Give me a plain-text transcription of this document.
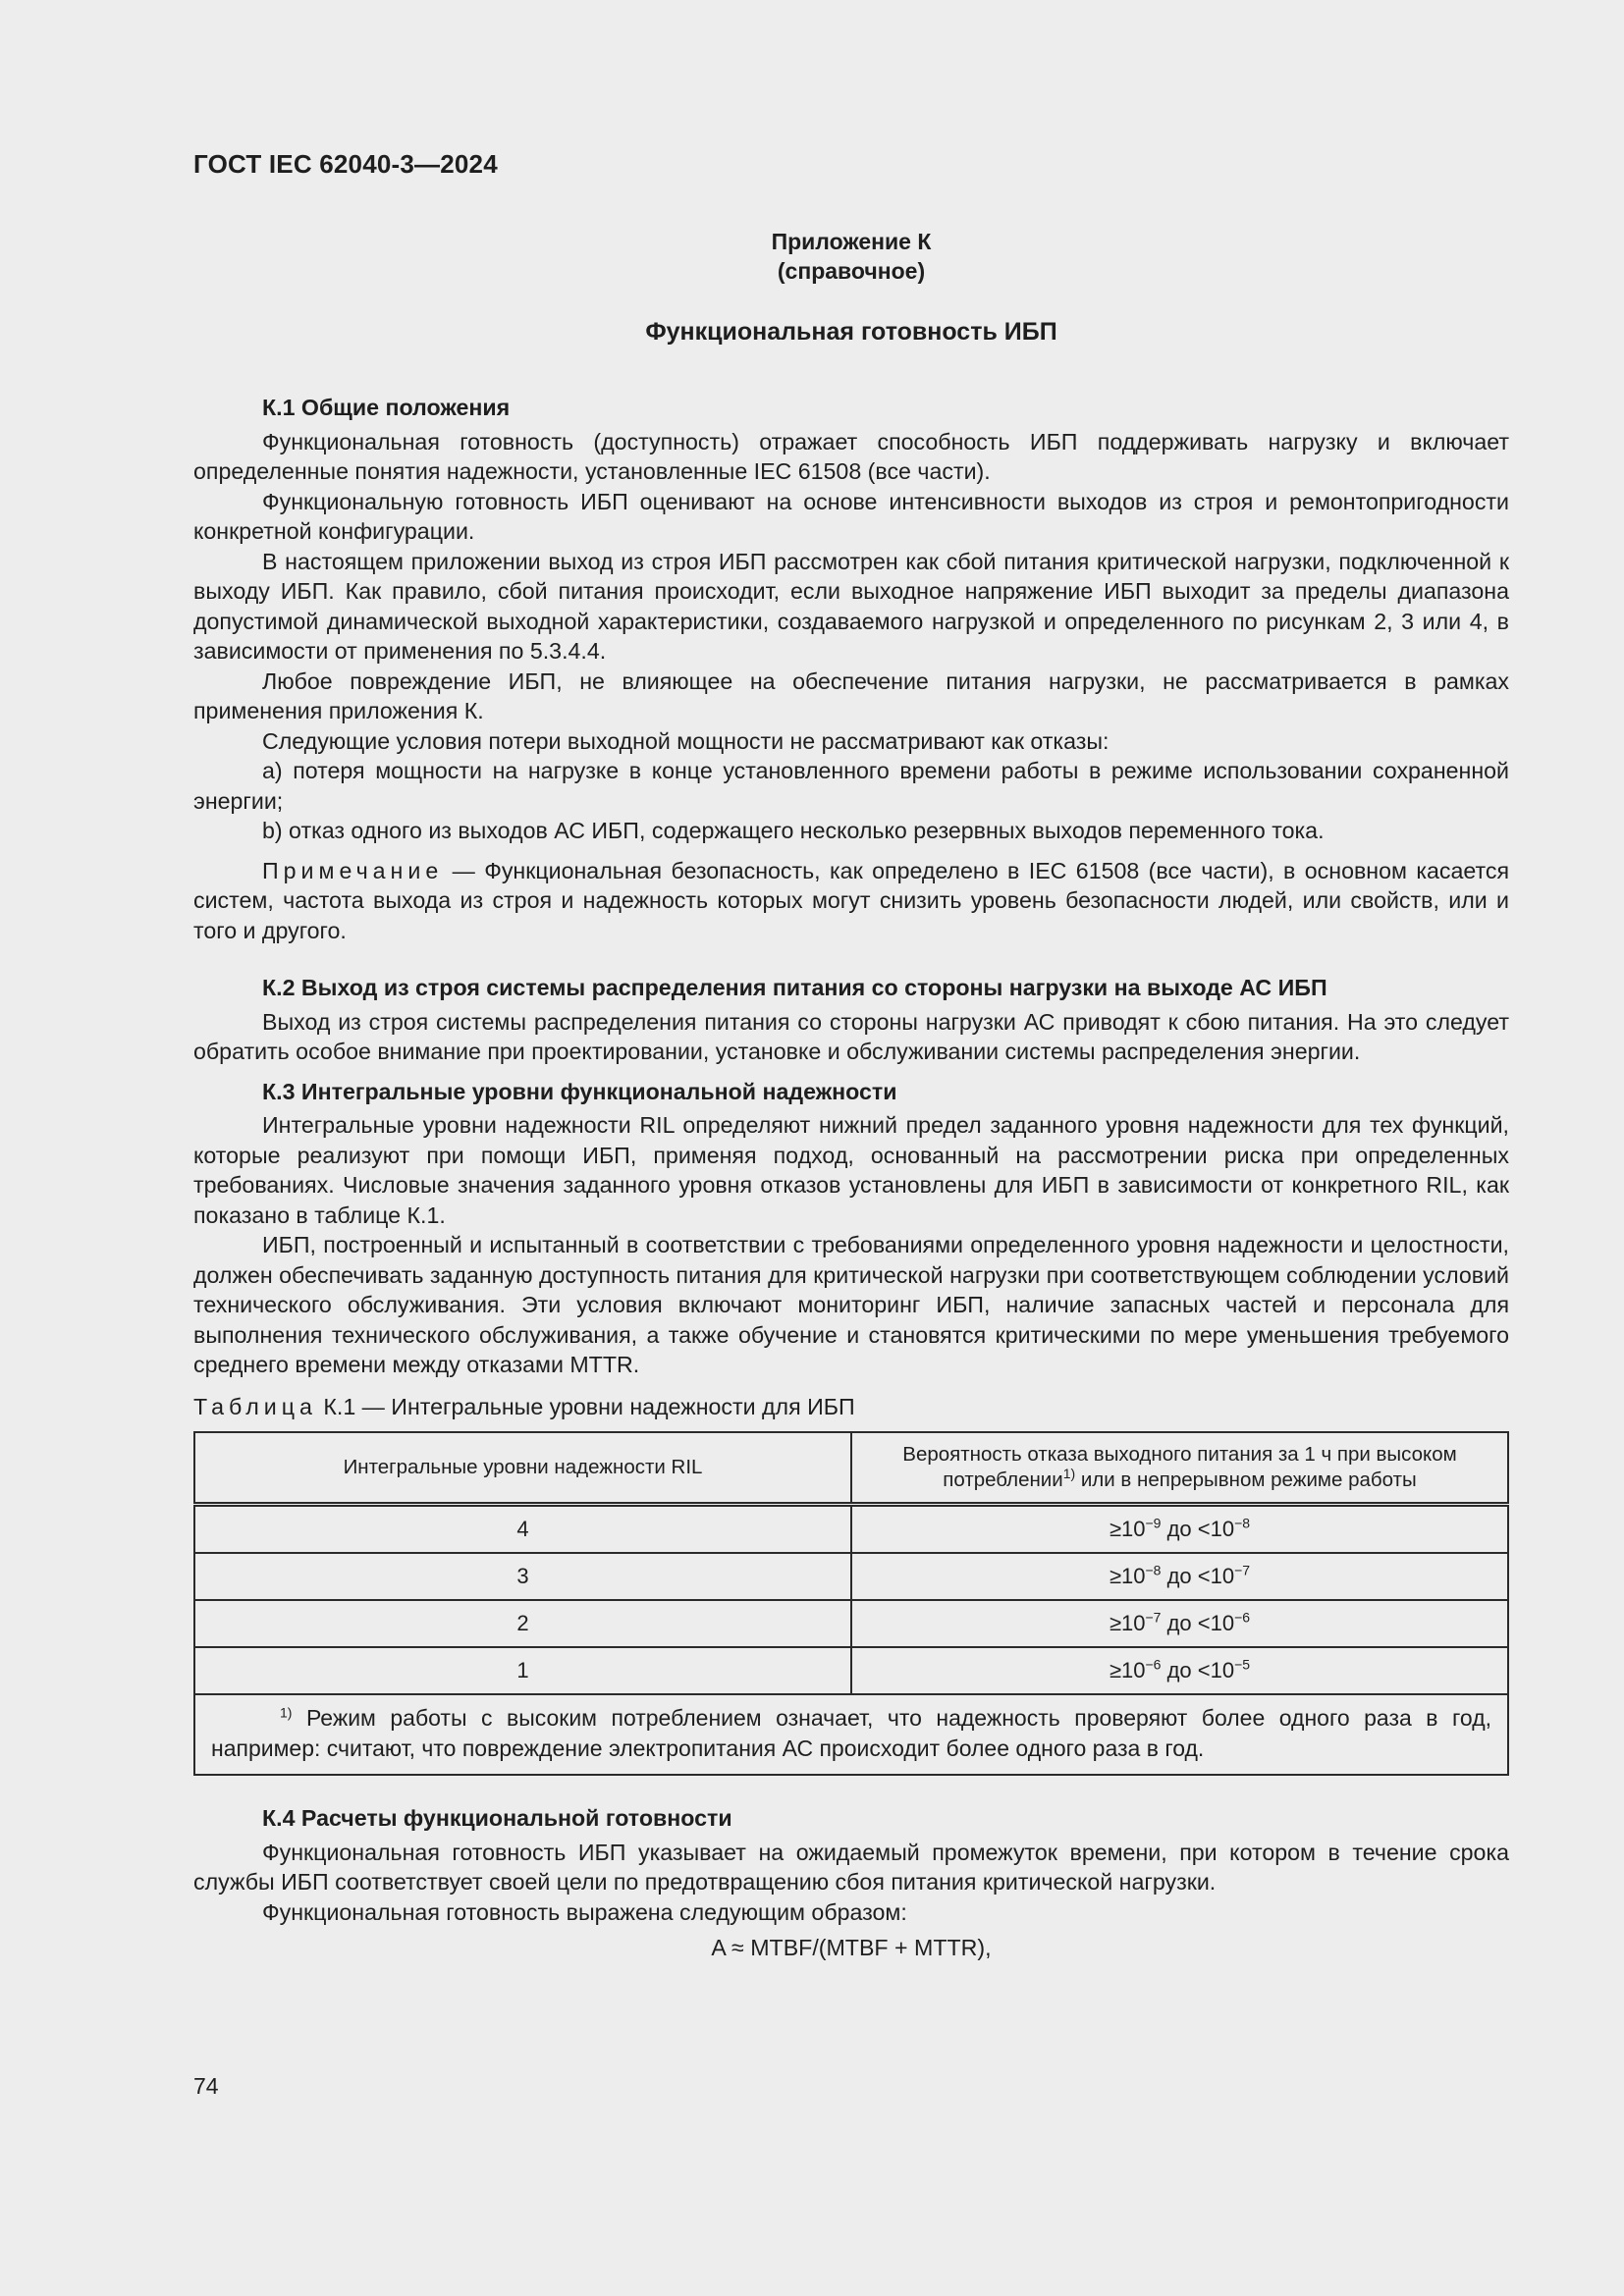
ГОСТ IEC 62040-3—2024
Приложение К
(справочное)
Функциональная готовность ИБП
К.1 Общие положения

Функциональная готовность (доступность) отражает способность ИБП поддерживать нагрузку и включает определенные понятия надежности, установленные IEC 61508 (все части).

Функциональную готовность ИБП оценивают на основе интенсивности выходов из строя и ремонтопригодности конкретной конфигурации.

В настоящем приложении выход из строя ИБП рассмотрен как сбой питания критической нагрузки, подключенной к выходу ИБП. Как правило, сбой питания происходит, если выходное напряжение ИБП выходит за пределы диапазона допустимой динамической выходной характеристики, создаваемого нагрузкой и определенного по рисункам 2, 3 или 4, в зависимости от применения по 5.3.4.4.

Любое повреждение ИБП, не влияющее на обеспечение питания нагрузки, не рассматривается в рамках применения приложения К.

Следующие условия потери выходной мощности не рассматривают как отказы:

a) потеря мощности на нагрузке в конце установленного времени работы в режиме использовании сохраненной энергии;

b) отказ одного из выходов АС ИБП, содержащего несколько резервных выходов переменного тока.

Примечание — Функциональная безопасность, как определено в IEC 61508 (все части), в основном касается систем, частота выхода из строя и надежность которых могут снизить уровень безопасности людей, или свойств, или и того и другого.

К.2 Выход из строя системы распределения питания со стороны нагрузки на выходе АС ИБП

Выход из строя системы распределения питания со стороны нагрузки АС приводят к сбою питания. На это следует обратить особое внимание при проектировании, установке и обслуживании системы распределения энергии.

К.3 Интегральные уровни функциональной надежности

Интегральные уровни надежности RIL определяют нижний предел заданного уровня надежности для тех функций, которые реализуют при помощи ИБП, применяя подход, основанный на рассмотрении риска при определенных требованиях. Числовые значения заданного уровня отказов установлены для ИБП в зависимости от конкретного RIL, как показано в таблице К.1.

ИБП, построенный и испытанный в соответствии с требованиями определенного уровня надежности и целостности, должен обеспечивать заданную доступность питания для критической нагрузки при соответствующем соблюдении условий технического обслуживания. Эти условия включают мониторинг ИБП, наличие запасных частей и персонала для выполнения технического обслуживания, а также обучение и становятся критическими по мере уменьшения требуемого среднего времени между отказами MTTR.

Таблица К.1 — Интегральные уровни надежности для ИБП
Интегральные уровни надежности RIL	Вероятность отказа выходного питания за 1 ч при высоком потреблении$^{1)}$ или в непрерывном режиме работы
4	$\ge 10^{-9}$ до $<10^{-8}$
3	$\ge 10^{-8}$ до $<10^{-7}$
2	$\ge 10^{-7}$ до $<10^{-6}$
1	$\ge 10^{-6}$ до $<10^{-5}$
$^{1)}$ Режим работы с высоким потреблением означает, что надежность проверяют более одного раза в год, например: считают, что повреждение электропитания АС происходит более одного раза в год.	
К.4 Расчеты функциональной готовности

Функциональная готовность ИБП указывает на ожидаемый промежуток времени, при котором в течение срока службы ИБП соответствует своей цели по предотвращению сбоя питания критической нагрузки.

Функциональная готовность выражена следующим образом:

A ≈ MTBF/(MTBF + MTTR),
74
